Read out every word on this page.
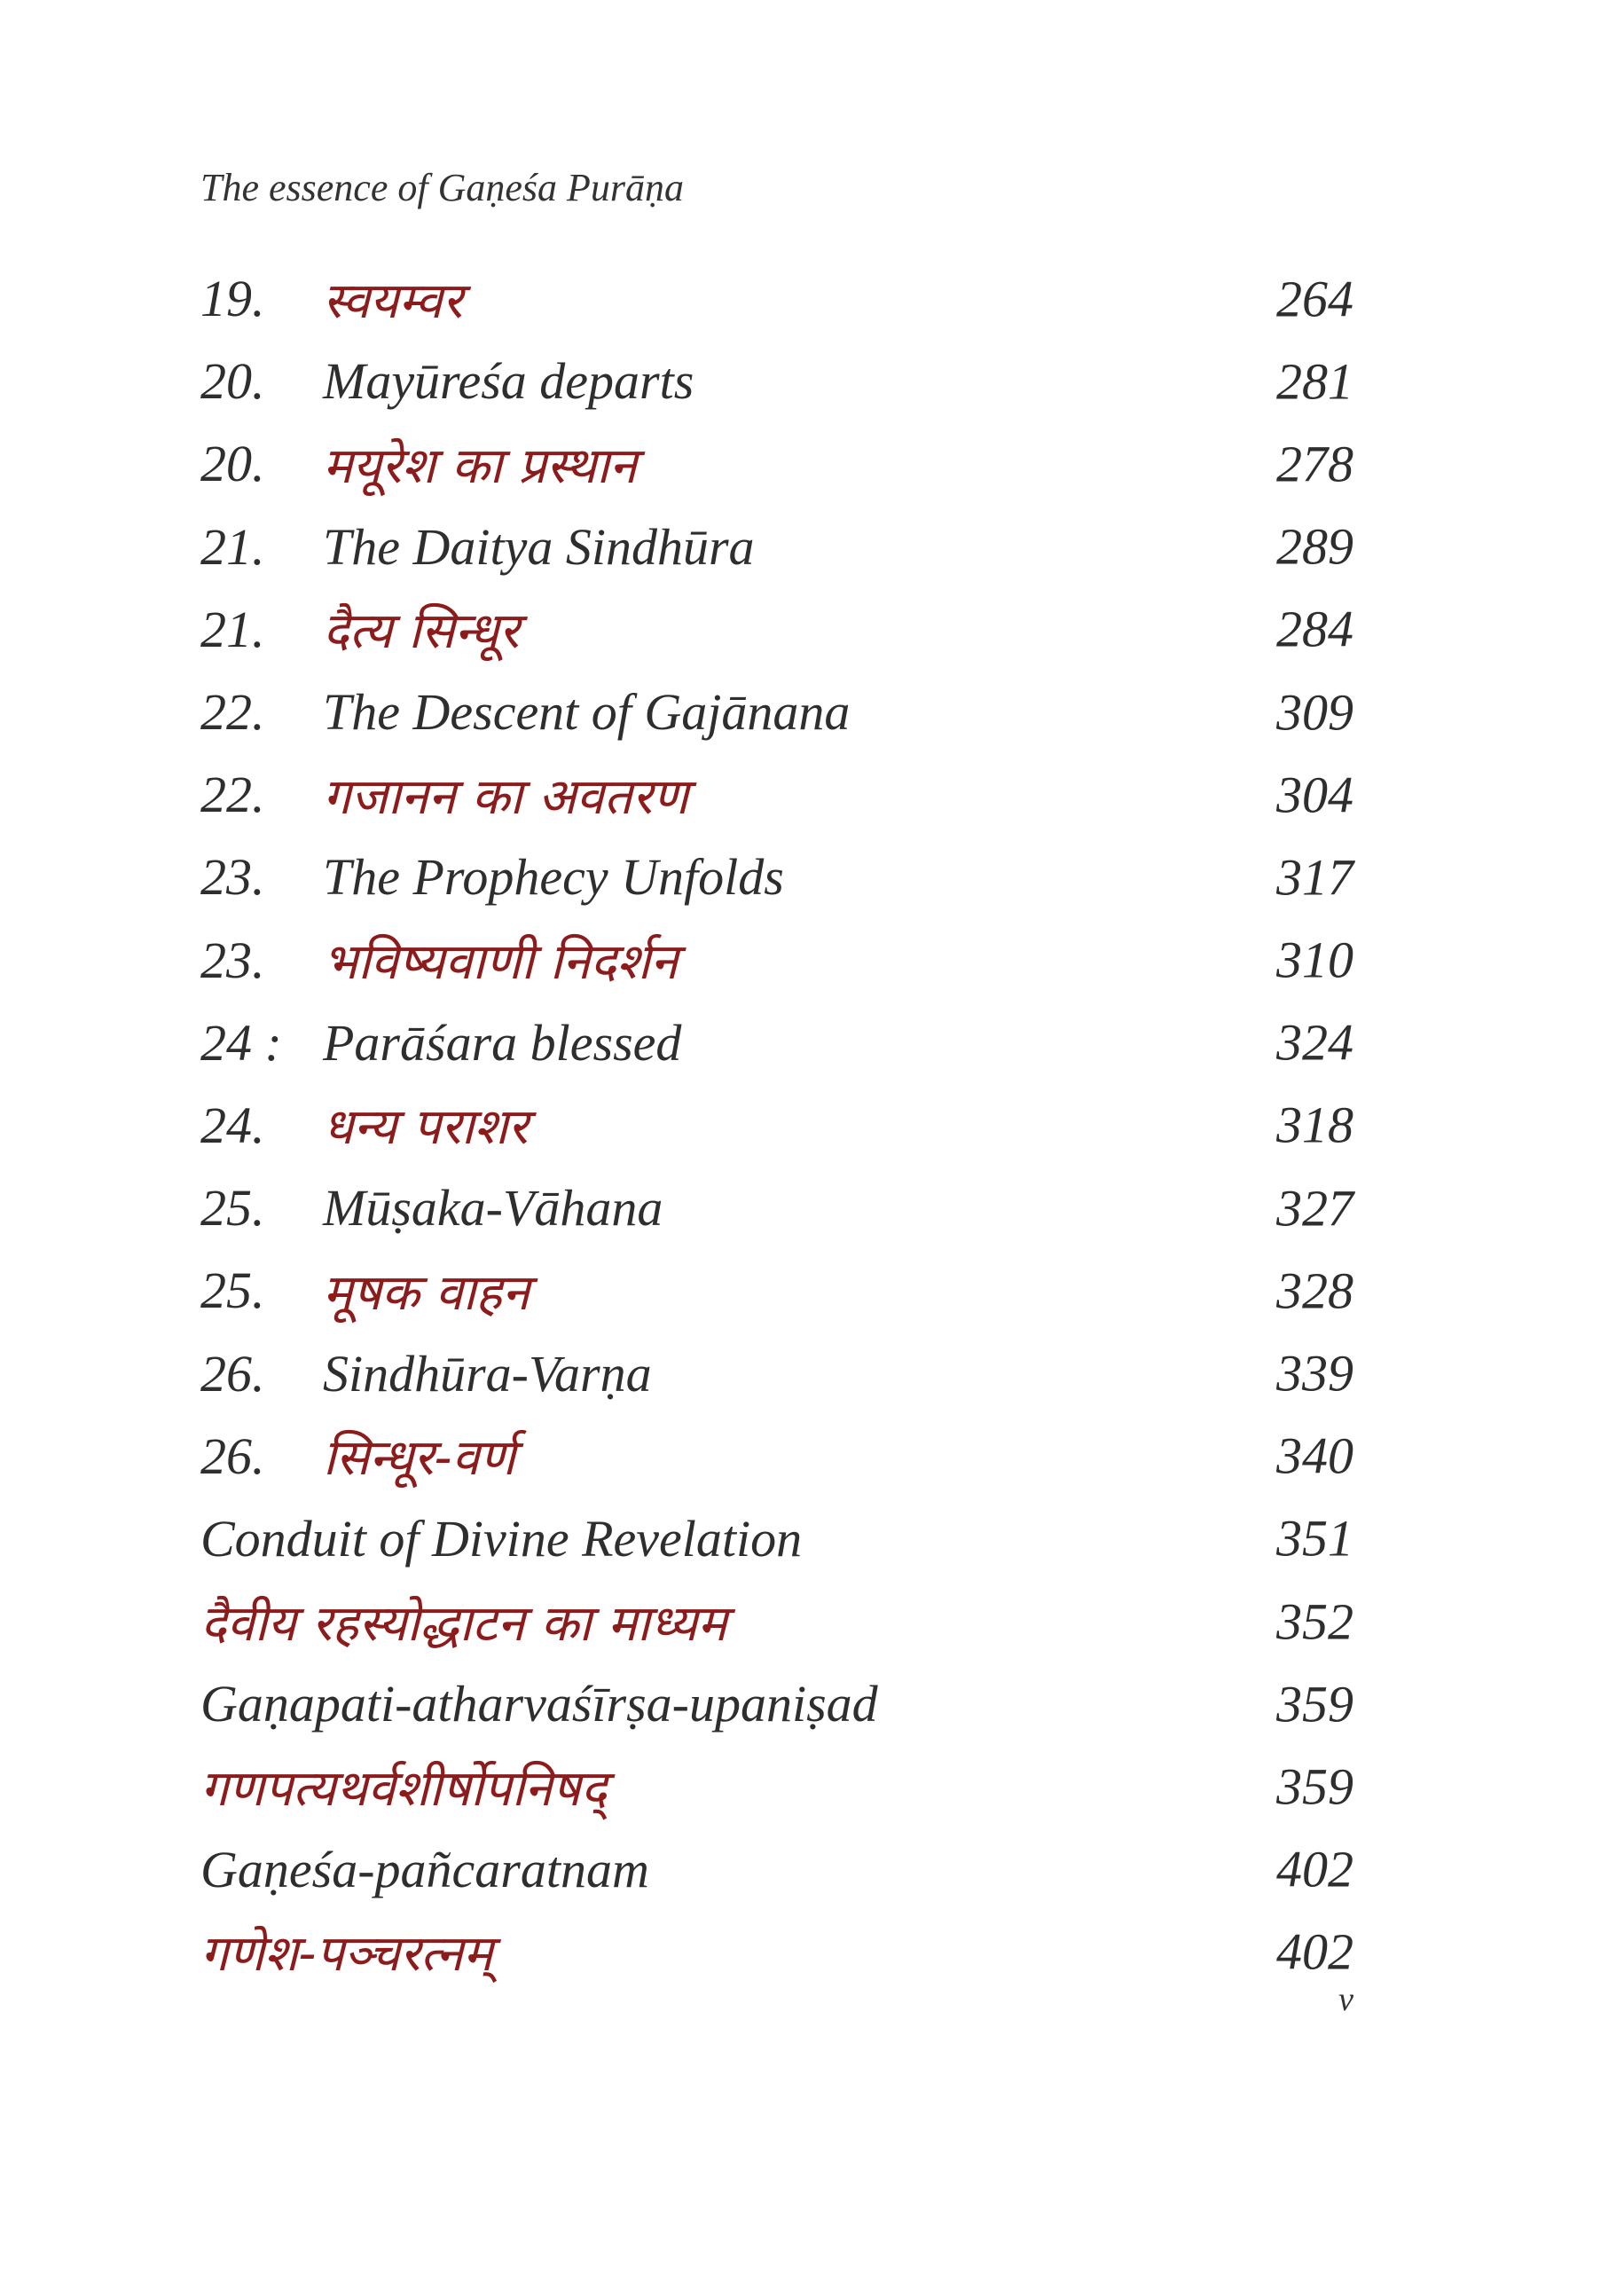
The essence of Gaṇeśa Purāṇa
19.	स्वयम्वर	264
20.	Mayūreśa departs	281
20.	मयूरेश का प्रस्थान	278
21.	The Daitya Sindhūra	289
21.	दैत्य सिन्धूर	284
22.	The Descent of Gajānana	309
22.	गजानन का अवतरण	304
23.	The Prophecy Unfolds	317
23.	भविष्यवाणी निदर्शन	310
24 : Parāśara blessed	324
24.	धन्य पराशर	318
25.	Mūṣaka-Vāhana	327
25.	मूषक वाहन	328
26.	Sindhūra-Varṇa	339
26.	सिन्धूर-वर्ण	340
Conduit of Divine Revelation	351
दैवीय रहस्योद्धाटन का माध्यम	352
Gaṇapati-atharvaśīrṣa-upaniṣad	359
गणपत्यथर्वशीर्षोपनिषद्	359
Gaṇeśa-pañcaratnam	402
गणेश-पञ्चरत्नम्	402
v
